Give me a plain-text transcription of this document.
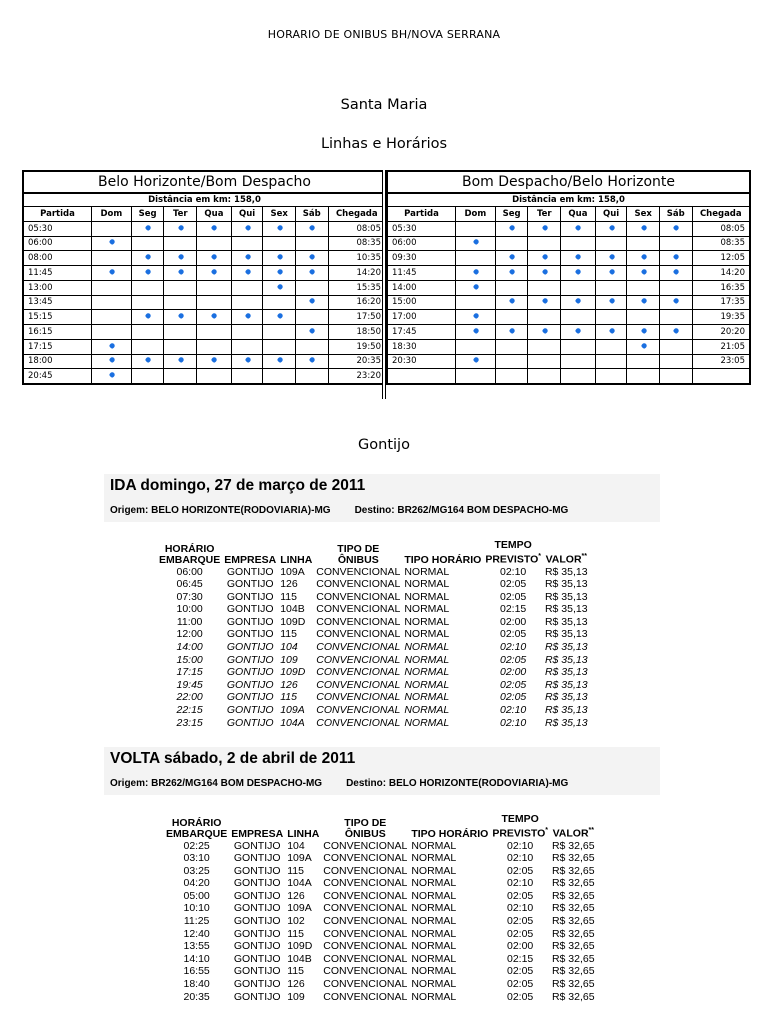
HORARIO DE ONIBUS BH/NOVA SERRANA
Santa Maria
Linhas e Horários
Belo Horizonte/Bom Despacho								
Distância em km: 158,0								
Partida	Dom	Seg	Ter	Qua	Qui	Sex	Sáb	Chegada
05:30								08:05
06:00								08:35
08:00								10:35
11:45								14:20
13:00								15:35
13:45								16:20
15:15								17:50
16:15								18:50
17:15								19:50
18:00								20:35
20:45								23:20
Bom Despacho/Belo Horizonte								
Distância em km: 158,0								
Partida	Dom	Seg	Ter	Qua	Qui	Sex	Sáb	Chegada
05:30								08:05
06:00								08:35
09:30								12:05
11:45								14:20
14:00								16:35
15:00								17:35
17:00								19:35
17:45								20:20
18:30								21:05
20:30								23:05

Gontijo
IDA domingo, 27 de março de 2011
Origem: BELO HORIZONTE(RODOVIARIA)-MG Destino: BR262/MG164 BOM DESPACHO-MG
HORÁRIO
EMBARQUE	EMPRESA	LINHA	TIPO DE
ÔNIBUS	TIPO HORÁRIO	TEMPO
PREVISTO*	VALOR**
06:00	GONTIJO	109A	CONVENCIONAL	NORMAL	02:10	R$ 35,13
06:45	GONTIJO	126	CONVENCIONAL	NORMAL	02:05	R$ 35,13
07:30	GONTIJO	115	CONVENCIONAL	NORMAL	02:05	R$ 35,13
10:00	GONTIJO	104B	CONVENCIONAL	NORMAL	02:15	R$ 35,13
11:00	GONTIJO	109D	CONVENCIONAL	NORMAL	02:00	R$ 35,13
12:00	GONTIJO	115	CONVENCIONAL	NORMAL	02:05	R$ 35,13
14:00	GONTIJO	104	CONVENCIONAL	NORMAL	02:10	R$ 35,13
15:00	GONTIJO	109	CONVENCIONAL	NORMAL	02:05	R$ 35,13
17:15	GONTIJO	109D	CONVENCIONAL	NORMAL	02:00	R$ 35,13
19:45	GONTIJO	126	CONVENCIONAL	NORMAL	02:05	R$ 35,13
22:00	GONTIJO	115	CONVENCIONAL	NORMAL	02:05	R$ 35,13
22:15	GONTIJO	109A	CONVENCIONAL	NORMAL	02:10	R$ 35,13
23:15	GONTIJO	104A	CONVENCIONAL	NORMAL	02:10	R$ 35,13
VOLTA sábado, 2 de abril de 2011
Origem: BR262/MG164 BOM DESPACHO-MG Destino: BELO HORIZONTE(RODOVIARIA)-MG
HORÁRIO
EMBARQUE	EMPRESA	LINHA	TIPO DE
ÔNIBUS	TIPO HORÁRIO	TEMPO
PREVISTO*	VALOR**
02:25	GONTIJO	104	CONVENCIONAL	NORMAL	02:10	R$ 32,65
03:10	GONTIJO	109A	CONVENCIONAL	NORMAL	02:10	R$ 32,65
03:25	GONTIJO	115	CONVENCIONAL	NORMAL	02:05	R$ 32,65
04:20	GONTIJO	104A	CONVENCIONAL	NORMAL	02:10	R$ 32,65
05:00	GONTIJO	126	CONVENCIONAL	NORMAL	02:05	R$ 32,65
10:10	GONTIJO	109A	CONVENCIONAL	NORMAL	02:10	R$ 32,65
11:25	GONTIJO	102	CONVENCIONAL	NORMAL	02:05	R$ 32,65
12:40	GONTIJO	115	CONVENCIONAL	NORMAL	02:05	R$ 32,65
13:55	GONTIJO	109D	CONVENCIONAL	NORMAL	02:00	R$ 32,65
14:10	GONTIJO	104B	CONVENCIONAL	NORMAL	02:15	R$ 32,65
16:55	GONTIJO	115	CONVENCIONAL	NORMAL	02:05	R$ 32,65
18:40	GONTIJO	126	CONVENCIONAL	NORMAL	02:05	R$ 32,65
20:35	GONTIJO	109	CONVENCIONAL	NORMAL	02:05	R$ 32,65
